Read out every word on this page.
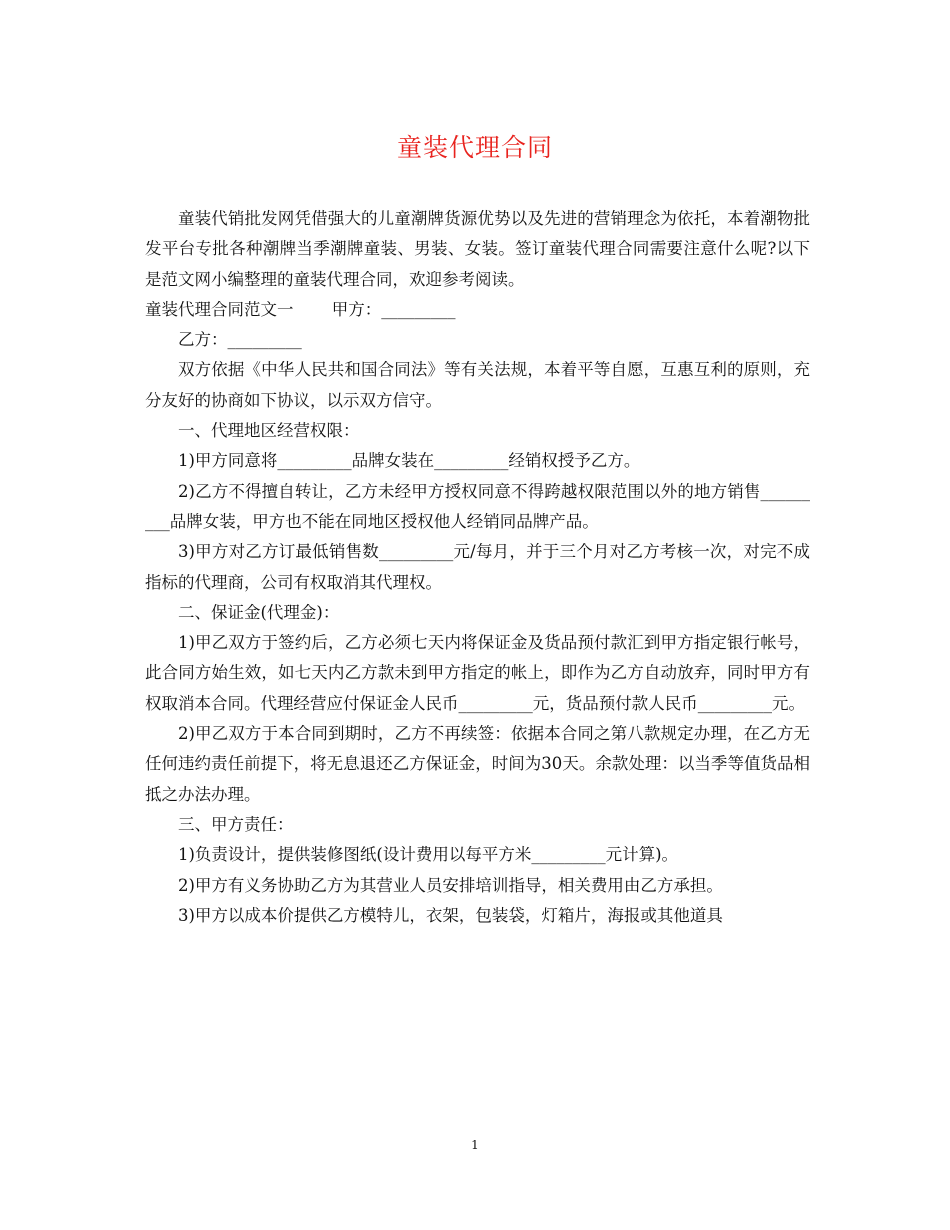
童装代理合同

童装代销批发网凭借强大的儿童潮牌货源优势以及先进的营销理念为依托，本着潮物批发平台专批各种潮牌当季潮牌童装、男装、女装。签订童装代理合同需要注意什么呢?以下是范文网小编整理的童装代理合同，欢迎参考阅读。

童装代理合同范文一　　 甲方：_________

乙方：_________

双方依据《中华人民共和国合同法》等有关法规，本着平等自愿，互惠互利的原则，充分友好的协商如下协议，以示双方信守。

一、代理地区经营权限：

1)甲方同意将_________品牌女装在_________经销权授予乙方。

2)乙方不得擅自转让，乙方未经甲方授权同意不得跨越权限范围以外的地方销售_________品牌女装，甲方也不能在同地区授权他人经销同品牌产品。

3)甲方对乙方订最低销售数_________元/每月，并于三个月对乙方考核一次，对完不成指标的代理商，公司有权取消其代理权。

二、保证金(代理金)：

1)甲乙双方于签约后，乙方必须七天内将保证金及货品预付款汇到甲方指定银行帐号，此合同方始生效，如七天内乙方款未到甲方指定的帐上，即作为乙方自动放弃，同时甲方有权取消本合同。代理经营应付保证金人民币_________元，货品预付款人民币_________元。

2)甲乙双方于本合同到期时，乙方不再续签：依据本合同之第八款规定办理，在乙方无任何违约责任前提下，将无息退还乙方保证金，时间为30天。余款处理：以当季等值货品相抵之办法办理。

三、甲方责任：

1)负责设计，提供装修图纸(设计费用以每平方米_________元计算)。

2)甲方有义务协助乙方为其营业人员安排培训指导，相关费用由乙方承担。

3)甲方以成本价提供乙方模特儿，衣架，包装袋，灯箱片，海报或其他道具

1
